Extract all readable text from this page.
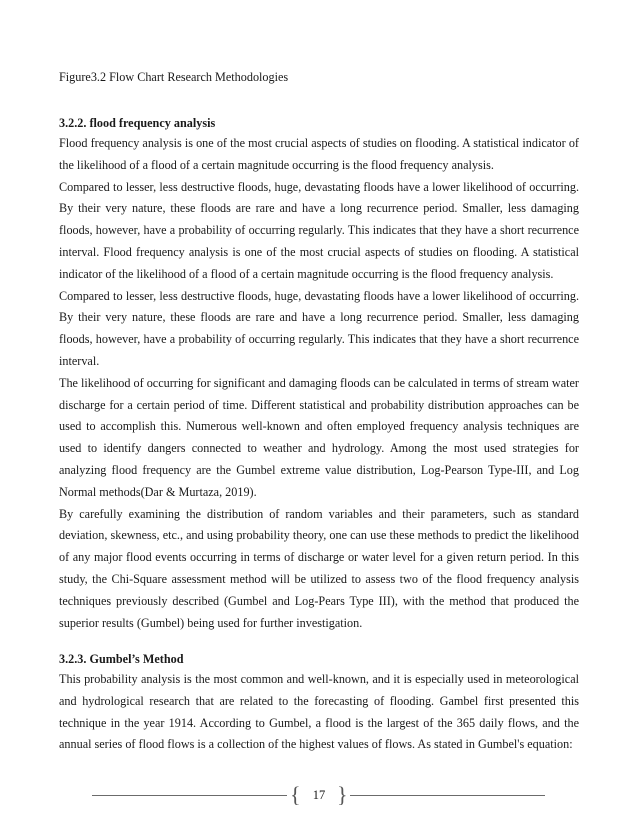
Figure3.2 Flow Chart Research Methodologies
3.2.2. flood frequency analysis

Flood frequency analysis is one of the most crucial aspects of studies on flooding. A statistical indicator of the likelihood of a flood of a certain magnitude occurring is the flood frequency analysis.

Compared to lesser, less destructive floods, huge, devastating floods have a lower likelihood of occurring. By their very nature, these floods are rare and have a long recurrence period. Smaller, less damaging floods, however, have a probability of occurring regularly. This indicates that they have a short recurrence interval. Flood frequency analysis is one of the most crucial aspects of studies on flooding. A statistical indicator of the likelihood of a flood of a certain magnitude occurring is the flood frequency analysis.

Compared to lesser, less destructive floods, huge, devastating floods have a lower likelihood of occurring. By their very nature, these floods are rare and have a long recurrence period. Smaller, less damaging floods, however, have a probability of occurring regularly. This indicates that they have a short recurrence interval.

The likelihood of occurring for significant and damaging floods can be calculated in terms of stream water discharge for a certain period of time. Different statistical and probability distribution approaches can be used to accomplish this. Numerous well-known and often employed frequency analysis techniques are used to identify dangers connected to weather and hydrology. Among the most used strategies for analyzing flood frequency are the Gumbel extreme value distribution, Log-Pearson Type-III, and Log Normal methods(Dar & Murtaza, 2019).

By carefully examining the distribution of random variables and their parameters, such as standard deviation, skewness, etc., and using probability theory, one can use these methods to predict the likelihood of any major flood events occurring in terms of discharge or water level for a given return period. In this study, the Chi-Square assessment method will be utilized to assess two of the flood frequency analysis techniques previously described (Gumbel and Log-Pears Type III), with the method that produced the superior results (Gumbel) being used for further investigation.

3.2.3. Gumbel’s Method

This probability analysis is the most common and well-known, and it is especially used in meteorological and hydrological research that are related to the forecasting of flooding. Gambel first presented this technique in the year 1914. According to Gumbel, a flood is the largest of the 365 daily flows, and the annual series of flood flows is a collection of the highest values of flows. As stated in Gumbel's equation:

{ 17 }
